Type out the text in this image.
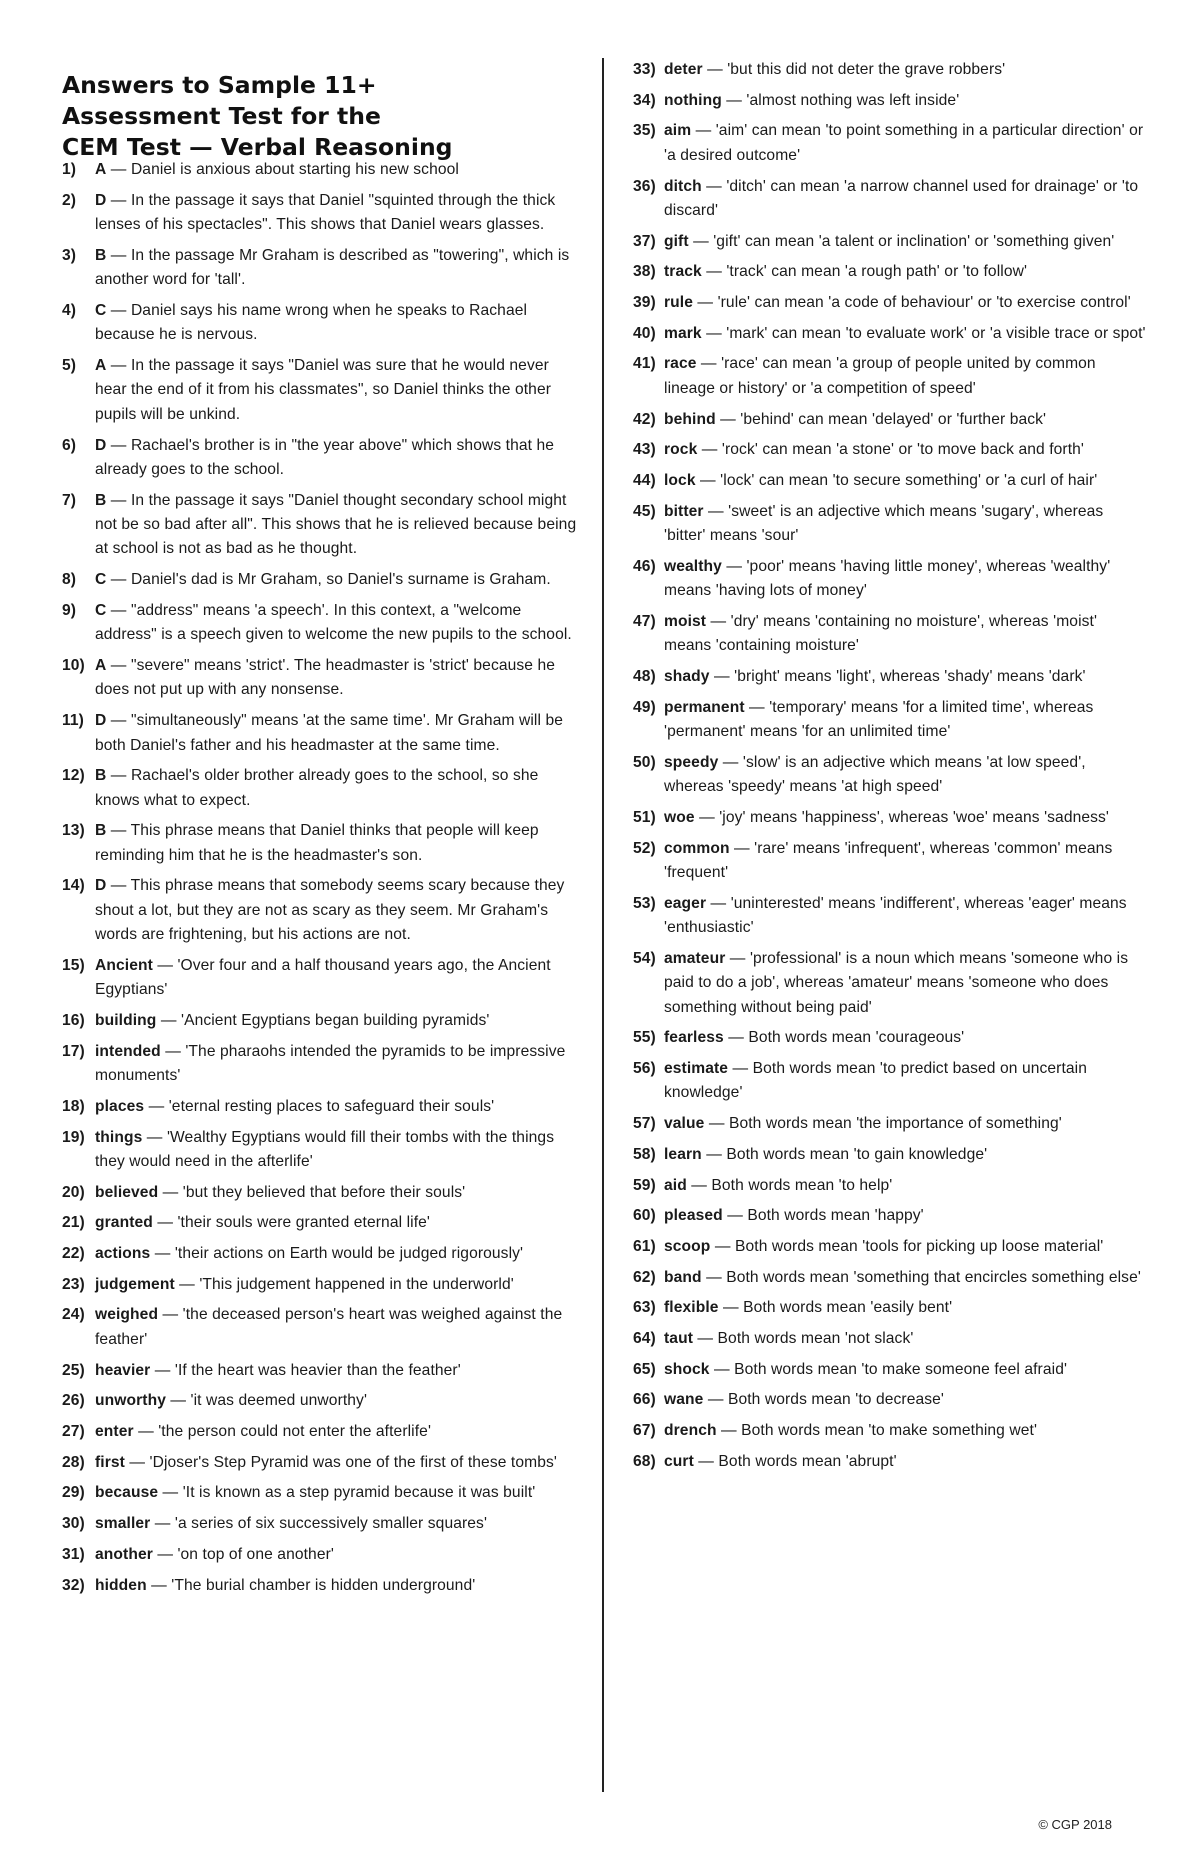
Answers to Sample 11+
Assessment Test for the
CEM Test — Verbal Reasoning
1)	A — Daniel is anxious about starting his new school
2)	D — In the passage it says that Daniel "squinted through the thick lenses of his spectacles". This shows that Daniel wears glasses.
3)	B — In the passage Mr Graham is described as "towering", which is another word for 'tall'.
4)	C — Daniel says his name wrong when he speaks to Rachael because he is nervous.
5)	A — In the passage it says "Daniel was sure that he would never hear the end of it from his classmates", so Daniel thinks the other pupils will be unkind.
6)	D — Rachael's brother is in "the year above" which shows that he already goes to the school.
7)	B — In the passage it says "Daniel thought secondary school might not be so bad after all". This shows that he is relieved because being at school is not as bad as he thought.
8)	C — Daniel's dad is Mr Graham, so Daniel's surname is Graham.
9)	C — "address" means 'a speech'. In this context, a "welcome address" is a speech given to welcome the new pupils to the school.
10) A — "severe" means 'strict'. The headmaster is 'strict' because he does not put up with any nonsense.
11) D — "simultaneously" means 'at the same time'. Mr Graham will be both Daniel's father and his headmaster at the same time.
12) B — Rachael's older brother already goes to the school, so she knows what to expect.
13) B — This phrase means that Daniel thinks that people will keep reminding him that he is the headmaster's son.
14) D — This phrase means that somebody seems scary because they shout a lot, but they are not as scary as they seem. Mr Graham's words are frightening, but his actions are not.
15) Ancient — 'Over four and a half thousand years ago, the Ancient Egyptians'
16) building — 'Ancient Egyptians began building pyramids'
17) intended — 'The pharaohs intended the pyramids to be impressive monuments'
18) places — 'eternal resting places to safeguard their souls'
19) things — 'Wealthy Egyptians would fill their tombs with the things they would need in the afterlife'
20) believed — 'but they believed that before their souls'
21) granted — 'their souls were granted eternal life'
22) actions — 'their actions on Earth would be judged rigorously'
23) judgement — 'This judgement happened in the underworld'
24) weighed — 'the deceased person's heart was weighed against the feather'
25) heavier — 'If the heart was heavier than the feather'
26) unworthy — 'it was deemed unworthy'
27) enter — 'the person could not enter the afterlife'
28) first — 'Djoser's Step Pyramid was one of the first of these tombs'
29) because — 'It is known as a step pyramid because it was built'
30) smaller — 'a series of six successively smaller squares'
31) another — 'on top of one another'
32) hidden — 'The burial chamber is hidden underground'
33) deter — 'but this did not deter the grave robbers'
34) nothing — 'almost nothing was left inside'
35) aim — 'aim' can mean 'to point something in a particular direction' or 'a desired outcome'
36) ditch — 'ditch' can mean 'a narrow channel used for drainage' or 'to discard'
37) gift — 'gift' can mean 'a talent or inclination' or 'something given'
38) track — 'track' can mean 'a rough path' or 'to follow'
39) rule — 'rule' can mean 'a code of behaviour' or 'to exercise control'
40) mark — 'mark' can mean 'to evaluate work' or 'a visible trace or spot'
41) race — 'race' can mean 'a group of people united by common lineage or history' or 'a competition of speed'
42) behind — 'behind' can mean 'delayed' or 'further back'
43) rock — 'rock' can mean 'a stone' or 'to move back and forth'
44) lock — 'lock' can mean 'to secure something' or 'a curl of hair'
45) bitter — 'sweet' is an adjective which means 'sugary', whereas 'bitter' means 'sour'
46) wealthy — 'poor' means 'having little money', whereas 'wealthy' means 'having lots of money'
47) moist — 'dry' means 'containing no moisture', whereas 'moist' means 'containing moisture'
48) shady — 'bright' means 'light', whereas 'shady' means 'dark'
49) permanent — 'temporary' means 'for a limited time', whereas 'permanent' means 'for an unlimited time'
50) speedy — 'slow' is an adjective which means 'at low speed', whereas 'speedy' means 'at high speed'
51) woe — 'joy' means 'happiness', whereas 'woe' means 'sadness'
52) common — 'rare' means 'infrequent', whereas 'common' means 'frequent'
53) eager — 'uninterested' means 'indifferent', whereas 'eager' means 'enthusiastic'
54) amateur — 'professional' is a noun which means 'someone who is paid to do a job', whereas 'amateur' means 'someone who does something without being paid'
55) fearless — Both words mean 'courageous'
56) estimate — Both words mean 'to predict based on uncertain knowledge'
57) value — Both words mean 'the importance of something'
58) learn — Both words mean 'to gain knowledge'
59) aid — Both words mean 'to help'
60) pleased — Both words mean 'happy'
61) scoop — Both words mean 'tools for picking up loose material'
62) band — Both words mean 'something that encircles something else'
63) flexible — Both words mean 'easily bent'
64) taut — Both words mean 'not slack'
65) shock — Both words mean 'to make someone feel afraid'
66) wane — Both words mean 'to decrease'
67) drench — Both words mean 'to make something wet'
68) curt — Both words mean 'abrupt'
© CGP 2018
